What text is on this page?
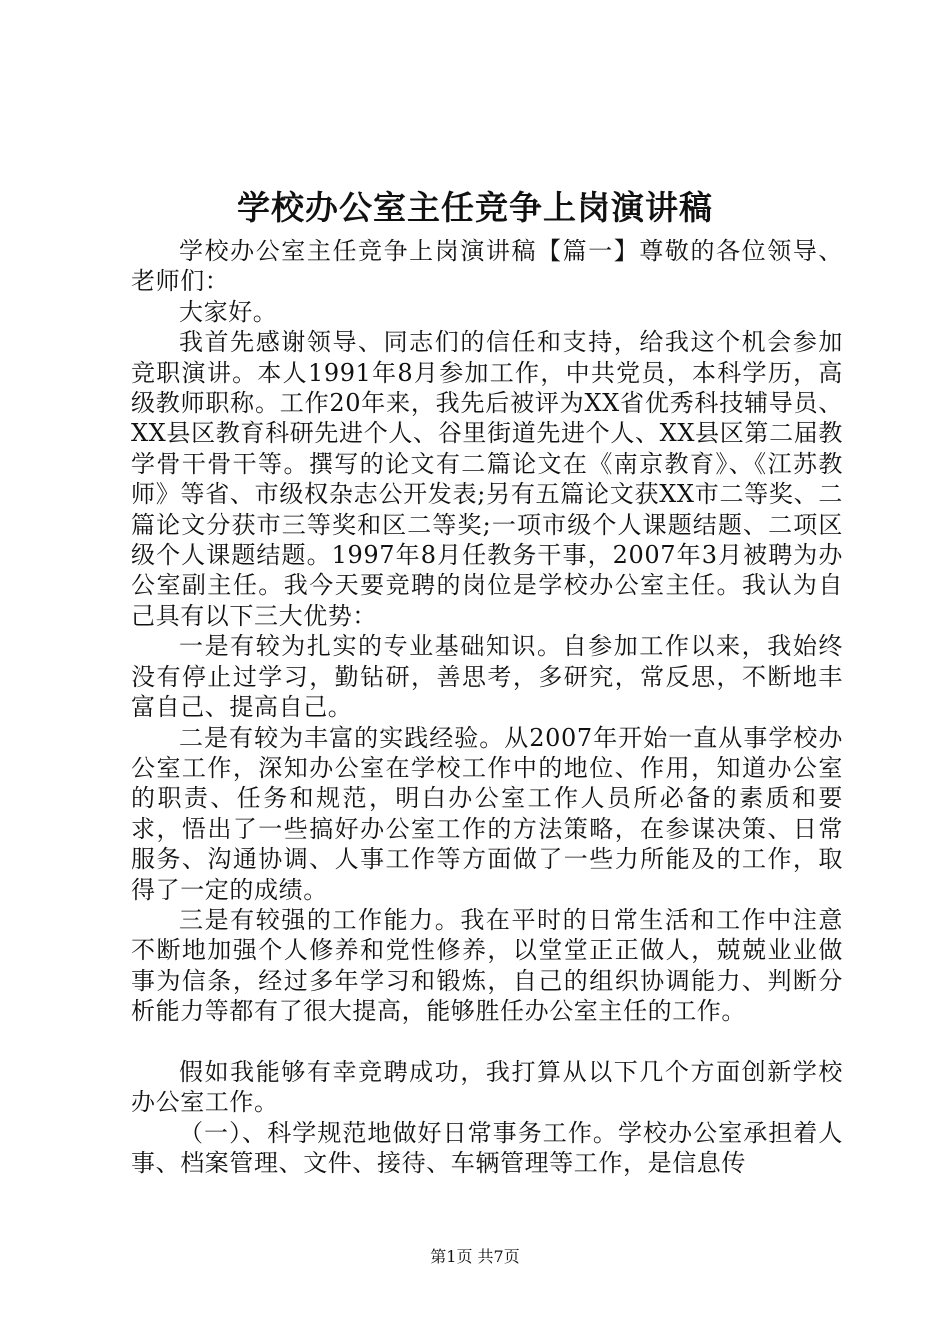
学校办公室主任竞争上岗演讲稿

学校办公室主任竞争上岗演讲稿【篇一】尊敬的各位领导、老师们：

大家好。

我首先感谢领导、同志们的信任和支持，给我这个机会参加竞职演讲。本人1991年8月参加工作，中共党员，本科学历，高级教师职称。工作20年来，我先后被评为XX省优秀科技辅导员、XX县区教育科研先进个人、谷里街道先进个人、XX县区第二届教学骨干骨干等。撰写的论文有二篇论文在《南京教育》、《江苏教师》等省、市级权杂志公开发表;另有五篇论文获XX市二等奖、二篇论文分获市三等奖和区二等奖;一项市级个人课题结题、二项区级个人课题结题。1997年8月任教务干事，2007年3月被聘为办公室副主任。我今天要竞聘的岗位是学校办公室主任。我认为自己具有以下三大优势：

一是有较为扎实的专业基础知识。自参加工作以来，我始终没有停止过学习，勤钻研，善思考，多研究，常反思，不断地丰富自己、提高自己。

二是有较为丰富的实践经验。从2007年开始一直从事学校办公室工作，深知办公室在学校工作中的地位、作用，知道办公室的职责、任务和规范，明白办公室工作人员所必备的素质和要求，悟出了一些搞好办公室工作的方法策略，在参谋决策、日常服务、沟通协调、人事工作等方面做了一些力所能及的工作，取得了一定的成绩。

三是有较强的工作能力。我在平时的日常生活和工作中注意不断地加强个人修养和党性修养，以堂堂正正做人，兢兢业业做事为信条，经过多年学习和锻炼，自己的组织协调能力、判断分析能力等都有了很大提高，能够胜任办公室主任的工作。

假如我能够有幸竞聘成功，我打算从以下几个方面创新学校办公室工作。

（一）、科学规范地做好日常事务工作。学校办公室承担着人事、档案管理、文件、接待、车辆管理等工作，是信息传

第1页 共7页
